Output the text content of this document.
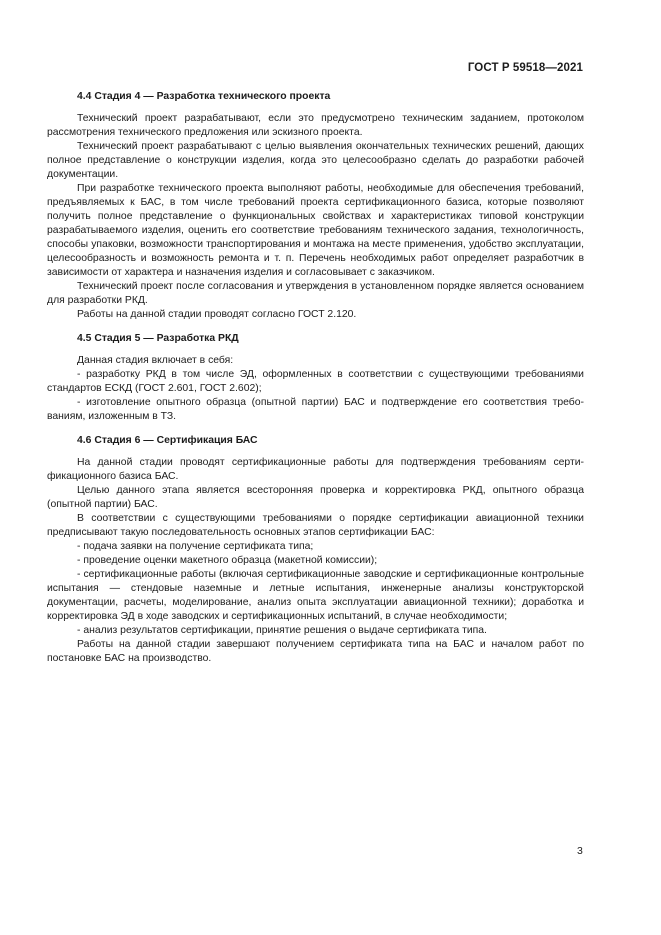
ГОСТ Р 59518—2021
4.4 Стадия 4 — Разработка технического проекта

Технический проект разрабатывают, если это предусмотрено техническим заданием, протоколом рассмотрения технического предложения или эскизного проекта.

Технический проект разрабатывают с целью выявления окончательных технических решений, дающих полное представление о конструкции изделия, когда это целесообразно сделать до разработки рабочей документации.

При разработке технического проекта выполняют работы, необходимые для обеспечения требований, предъявляемых к БАС, в том числе требований проекта сертификационного базиса, которые позволяют получить полное представление о функциональных свойствах и характеристиках типовой конструкции разрабатываемого изделия, оценить его соответствие требованиям технического задания, технологичность, способы упаковки, возможности транспортирования и монтажа на месте применения, удобство эксплуатации, целесообразность и возможность ремонта и т. п. Перечень необходимых работ определяет разработчик в зависимости от характера и назначения изделия и согласовывает с заказчиком.

Технический проект после согласования и утверждения в установленном порядке является основанием для разработки РКД.

Работы на данной стадии проводят согласно ГОСТ 2.120.

4.5 Стадия 5 — Разработка РКД

Данная стадия включает в себя:

- разработку РКД в том числе ЭД, оформленных в соответствии с существующими требованиями стандартов ЕСКД (ГОСТ 2.601, ГОСТ 2.602);

- изготовление опытного образца (опытной партии) БАС и подтверждение его соответствия требованиям, изложенным в ТЗ.

4.6 Стадия 6 — Сертификация БАС

На данной стадии проводят сертификационные работы для подтверждения требованиям сертификационного базиса БАС.

Целью данного этапа является всесторонняя проверка и корректировка РКД, опытного образца (опытной партии) БАС.

В соответствии с существующими требованиями о порядке сертификации авиационной техники предписывают такую последовательность основных этапов сертификации БАС:

- подача заявки на получение сертификата типа;

- проведение оценки макетного образца (макетной комиссии);

- сертификационные работы (включая сертификационные заводские и сертификационные контрольные испытания — стендовые наземные и летные испытания, инженерные анализы конструкторской документации, расчеты, моделирование, анализ опыта эксплуатации авиационной техники); доработка и корректировка ЭД в ходе заводских и сертификационных испытаний, в случае необходимости;

- анализ результатов сертификации, принятие решения о выдаче сертификата типа.

Работы на данной стадии завершают получением сертификата типа на БАС и началом работ по постановке БАС на производство.

3
